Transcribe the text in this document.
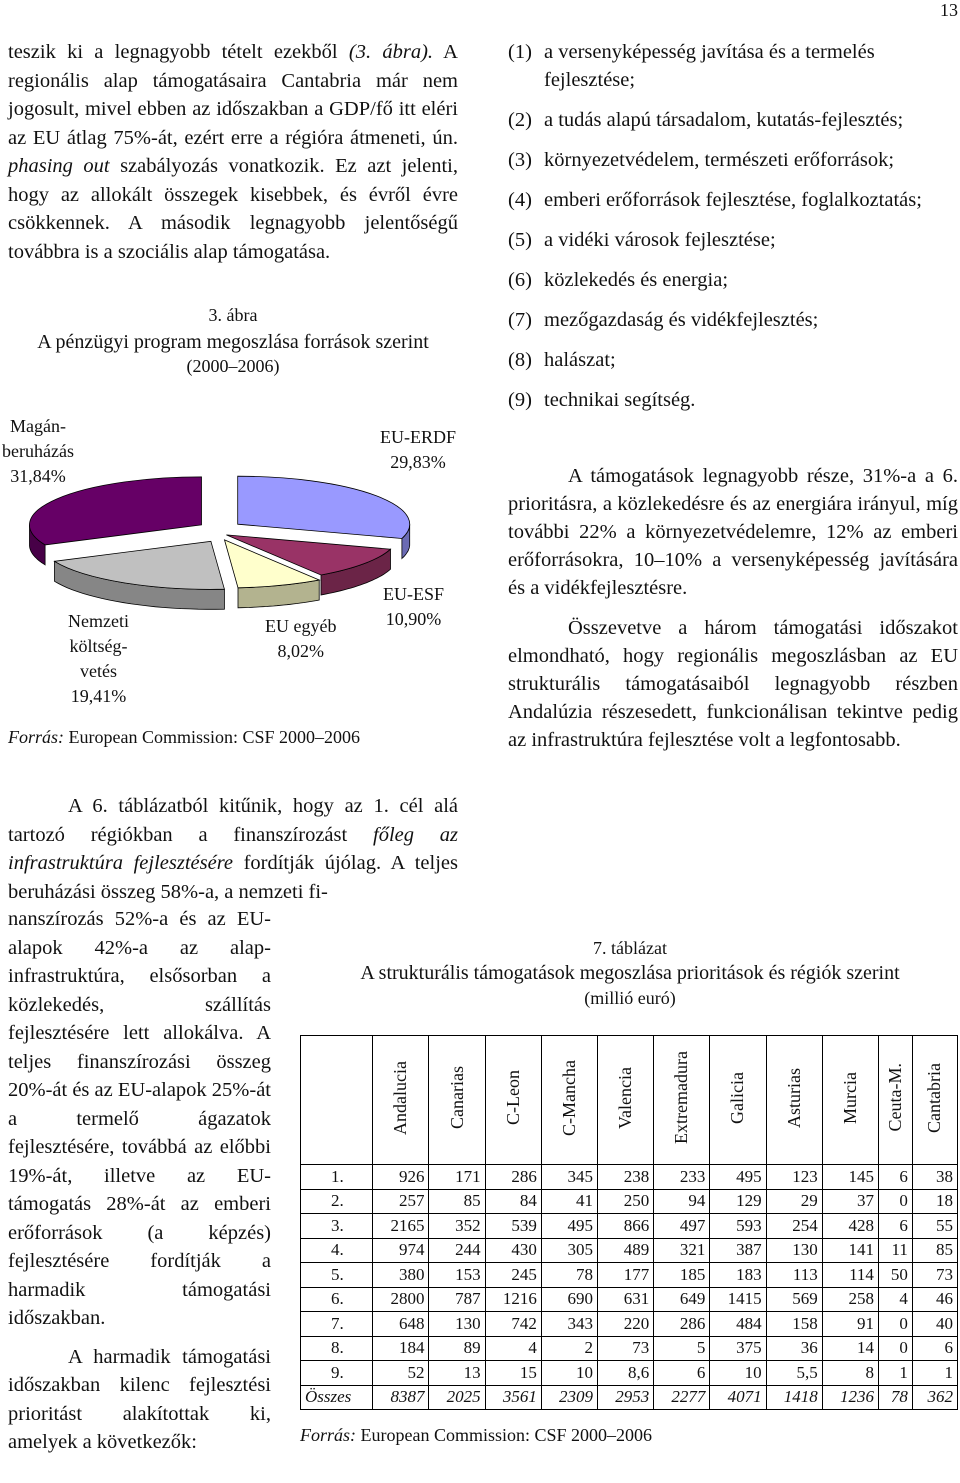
13

teszik ki a legnagyobb tételt ezekből (3. ábra). A regionális alap támogatásaira Cantabria már nem jogosult, mivel ebben az időszakban a GDP/fő itt eléri az EU átlag 75%-át, ezért erre a régióra átmeneti, ún. phasing out szabályozás vonatkozik. Ez azt jelenti, hogy az allokált összegek kisebbek, és évről évre csökkennek. A második legnagyobb jelentőségű továbbra is a szociális alap támogatása.

3. ábra
A pénzügyi program megoszlása források szerint
(2000–2006)
Magán-
beruházás
31,84%
EU-ERDF
29,83%
EU-ESF
10,90%
EU egyéb
8,02%
Nemzeti
költség-
vetés
19,41%
Forrás: European Commission: CSF 2000–2006

A 6. táblázatból kitűnik, hogy az 1. cél alá tartozó régiókban a finanszírozást főleg az infrastruktúra fejlesztésére fordítják újólag. A teljes beruházási összeg 58%-a, a nemzeti fi-

nanszírozás 52%-a és az EU-alapok 42%-a az alap-infrastruktúra, elsősorban a közlekedés, szállítás fejlesztésére lett allokálva. A teljes finanszírozási összeg 20%-át és az EU-alapok 25%-át a termelő ágazatok fejlesztésére, továbbá az előbbi 19%-át, illetve az EU-támogatás 28%-át az emberi erőforrások (a képzés) fejlesztésére fordítják a harmadik támogatási időszakban.

A harmadik támogatási időszakban kilenc fejlesztési prioritást alakítottak ki, amelyek a következők:

(1) a versenyképesség javítása és a termelés fejlesztése;
(2) a tudás alapú társadalom, kutatás-fejlesztés;
(3) környezetvédelem, természeti erőforrások;
(4) emberi erőforrások fejlesztése, foglalkoztatás;
(5) a vidéki városok fejlesztése;
(6) közlekedés és energia;
(7) mezőgazdaság és vidékfejlesztés;
(8) halászat;
(9) technikai segítség.

A támogatások legnagyobb része, 31%-a a 6. prioritásra, a közlekedésre és az energiára irányul, míg további 22% a környezetvédelemre, 12% az emberi erőforrásokra, 10–10% a versenyképesség javítására és a vidékfejlesztésre.

Összevetve a három támogatási időszakot elmondható, hogy regionális megoszlásban az EU strukturális támogatásaiból legnagyobb részben Andalúzia részesedett, funkcionálisan tekintve pedig az infrastruktúra fejlesztése volt a legfontosabb.

7. táblázat
A strukturális támogatások megoszlása prioritások és régiók szerint
(millió euró)
	Andalucia	Canarias	C-Leon	C-Mancha	Valencia	Extremadura	Galicia	Asturias	Murcia	Ceuta-M.	Cantabria
1.	926	171	286	345	238	233	495	123	145	6	38
2.	257	85	84	41	250	94	129	29	37	0	18
3.	2165	352	539	495	866	497	593	254	428	6	55
4.	974	244	430	305	489	321	387	130	141	11	85
5.	380	153	245	78	177	185	183	113	114	50	73
6.	2800	787	1216	690	631	649	1415	569	258	4	46
7.	648	130	742	343	220	286	484	158	91	0	40
8.	184	89	4	2	73	5	375	36	14	0	6
9.	52	13	15	10	8,6	6	10	5,5	8	1	1
Összes	8387	2025	3561	2309	2953	2277	4071	1418	1236	78	362
Forrás: European Commission: CSF 2000–2006
